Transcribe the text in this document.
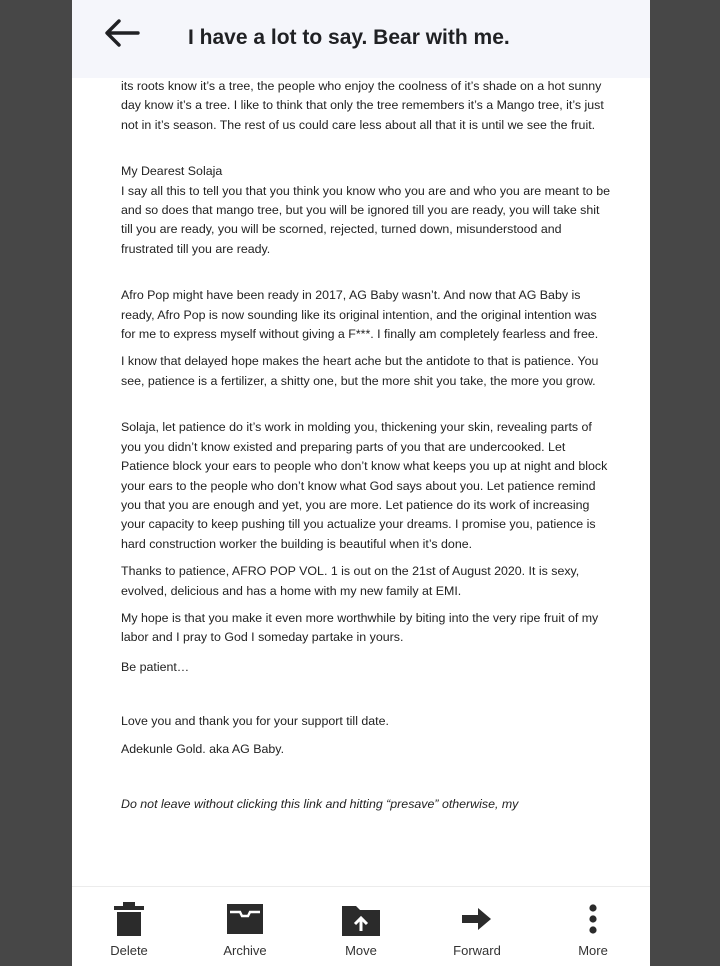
I have a lot to say. Bear with me.

its roots know it’s a tree, the people who enjoy the coolness of it’s shade on a hot sunny day know it’s a tree. I like to think that only the tree remembers it’s a Mango tree, it’s just not in it’s season. The rest of us could care less about all that it is until we see the fruit.

My Dearest Solaja

I say all this to tell you that you think you know who you are and who you are meant to be and so does that mango tree, but you will be ignored till you are ready, you will take shit till you are ready, you will be scorned, rejected, turned down, misunderstood and frustrated till you are ready.

Afro Pop might have been ready in 2017, AG Baby wasn’t. And now that AG Baby is ready, Afro Pop is now sounding like its original intention, and the original intention was for me to express myself without giving a F***. I finally am completely fearless and free.

I know that delayed hope makes the heart ache but the antidote to that is patience. You see, patience is a fertilizer, a shitty one, but the more shit you take, the more you grow.

Solaja, let patience do it’s work in molding you, thickening your skin, revealing parts of you you didn’t know existed and preparing parts of you that are undercooked. Let Patience block your ears to people who don’t know what keeps you up at night and block your ears to the people who don’t know what God says about you. Let patience remind you that you are enough and yet, you are more. Let patience do its work of increasing your capacity to keep pushing till you actualize your dreams. I promise you, patience is hard construction worker the building is beautiful when it’s done.

Thanks to patience, AFRO POP VOL. 1 is out on the 21st of August 2020. It is sexy, evolved, delicious and has a home with my new family at EMI.

My hope is that you make it even more worthwhile by biting into the very ripe fruit of my labor and I pray to God I someday partake in yours.

Be patient…

Love you and thank you for your support till date.

Adekunle Gold. aka AG Baby.

Do not leave without clicking this link and hitting “presave” otherwise, my

Delete	Archive	Move	Forward	More
